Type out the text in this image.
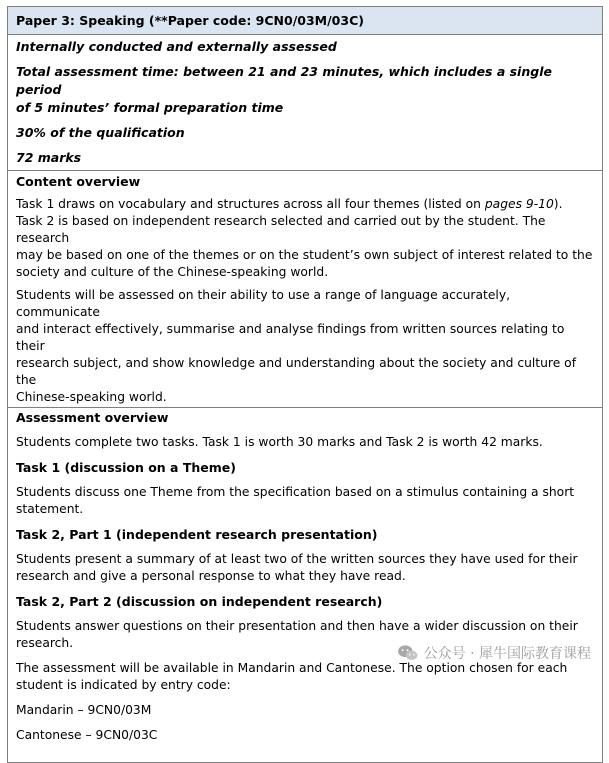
Paper 3: Speaking (**Paper code: 9CN0/03M/03C)
Internally conducted and externally assessed
Total assessment time: between 21 and 23 minutes, which includes a single period
of 5 minutes’ formal preparation time
30% of the qualification
72 marks
Content overview
Task 1 draws on vocabulary and structures across all four themes (listed on pages 9-10).
Task 2 is based on independent research selected and carried out by the student. The research
may be based on one of the themes or on the student’s own subject of interest related to the
society and culture of the Chinese-speaking world.
Students will be assessed on their ability to use a range of language accurately, communicate
and interact effectively, summarise and analyse findings from written sources relating to their
research subject, and show knowledge and understanding about the society and culture of the
Chinese-speaking world.
Assessment overview
Students complete two tasks. Task 1 is worth 30 marks and Task 2 is worth 42 marks.
Task 1 (discussion on a Theme)
Students discuss one Theme from the specification based on a stimulus containing a short
statement.
Task 2, Part 1 (independent research presentation)
Students present a summary of at least two of the written sources they have used for their
research and give a personal response to what they have read.
Task 2, Part 2 (discussion on independent research)
Students answer questions on their presentation and then have a wider discussion on their
research.
The assessment will be available in Mandarin and Cantonese. The option chosen for each
student is indicated by entry code:
Mandarin – 9CN0/03M
Cantonese – 9CN0/03C
公众号 · 犀牛国际教育课程
